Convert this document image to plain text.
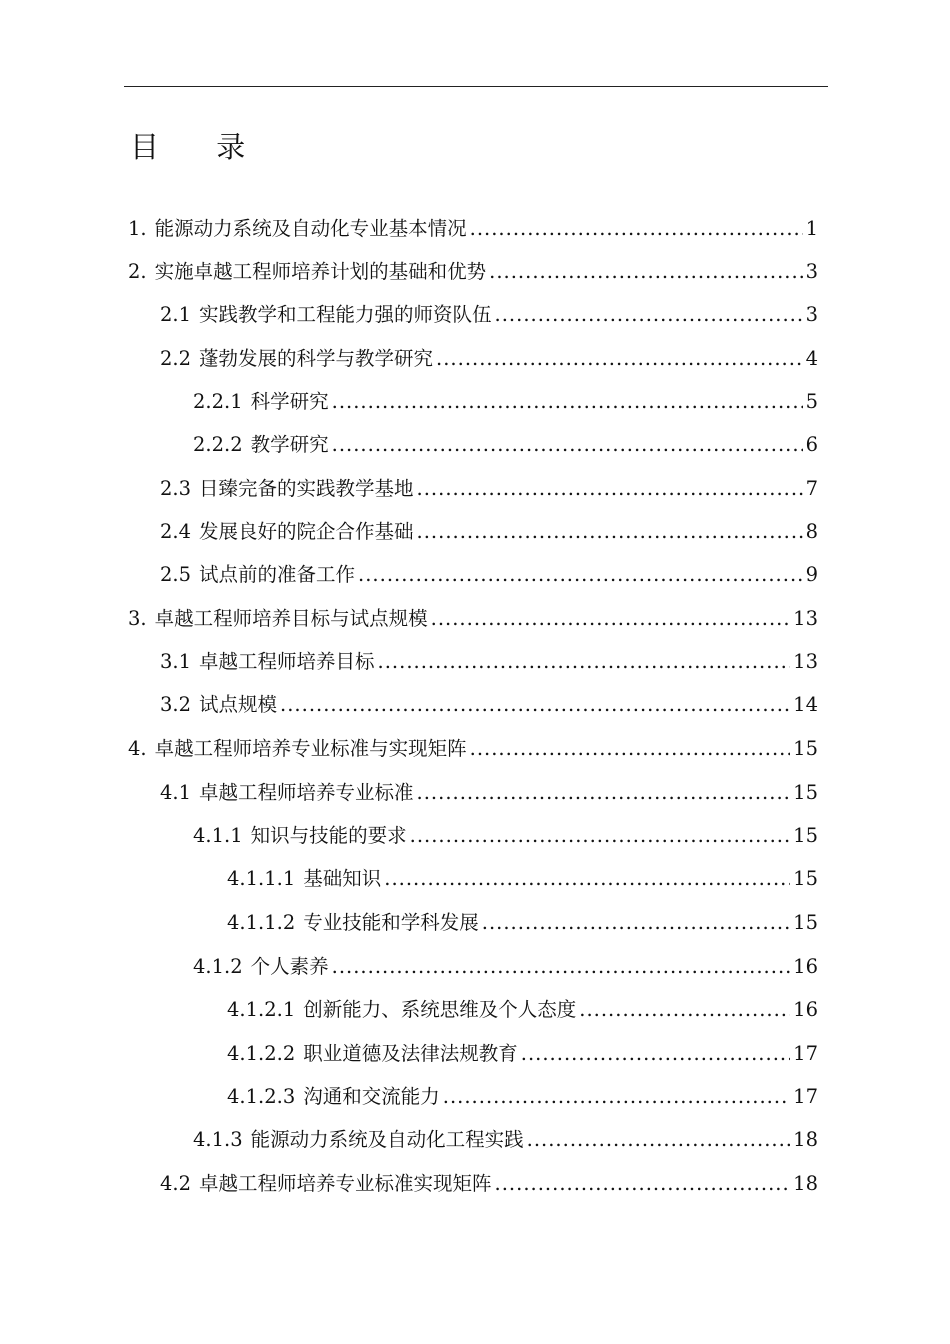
目 录
1. 能源动力系统及自动化专业基本情况 .....	1
2. 实施卓越工程师培养计划的基础和优势 .....	3
2.1 实践教学和工程能力强的师资队伍 .....	3
2.2 蓬勃发展的科学与教学研究 .....	4
2.2.1 科学研究 .....	5
2.2.2 教学研究 .....	6
2.3 日臻完备的实践教学基地 .....	7
2.4 发展良好的院企合作基础 .....	8
2.5 试点前的准备工作 .....	9
3. 卓越工程师培养目标与试点规模 .....	13
3.1 卓越工程师培养目标 .....	13
3.2 试点规模 .....	14
4. 卓越工程师培养专业标准与实现矩阵 .....	15
4.1 卓越工程师培养专业标准 .....	15
4.1.1 知识与技能的要求 .....	15
4.1.1.1 基础知识 .....	15
4.1.1.2 专业技能和学科发展 .....	15
4.1.2 个人素养 .....	16
4.1.2.1 创新能力、系统思维及个人态度 .....	16
4.1.2.2 职业道德及法律法规教育 .....	17
4.1.2.3 沟通和交流能力 .....	17
4.1.3 能源动力系统及自动化工程实践 .....	18
4.2 卓越工程师培养专业标准实现矩阵 .....	18
